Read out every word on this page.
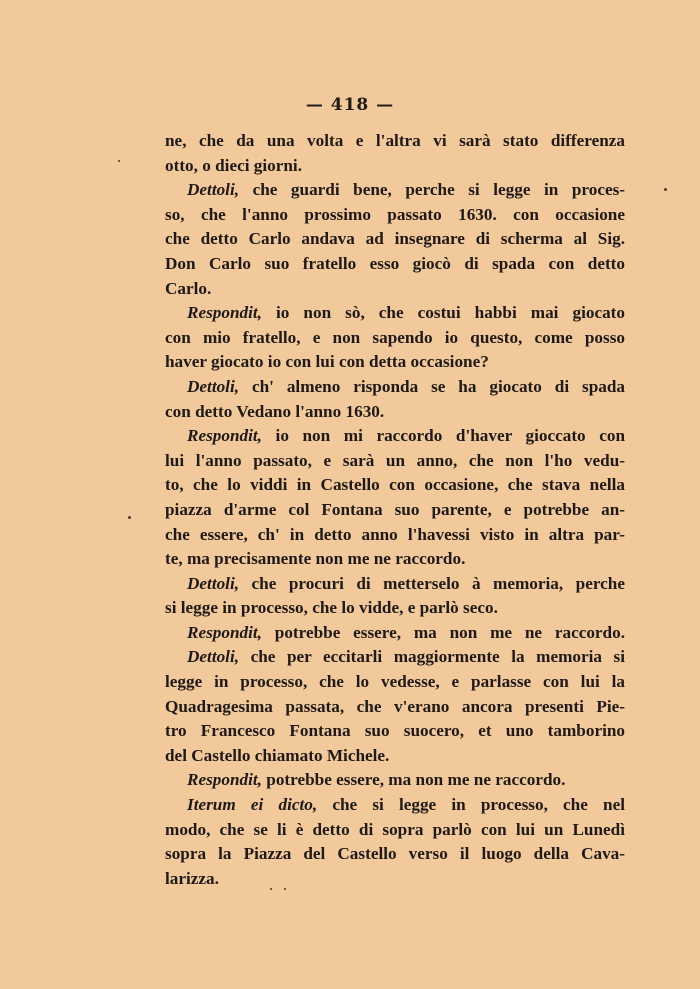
— 418 —
ne, che da una volta e l'altra vi sarà stato differenza
otto, o dieci giorni.
Dettoli, che guardi bene, perche si legge in proces-
so, che l'anno prossimo passato 1630. con occasione
che detto Carlo andava ad insegnare di scherma al Sig.
Don Carlo suo fratello esso giocò di spada con detto
Carlo.
Respondit, io non sò, che costui habbi mai giocato
con mio fratello, e non sapendo io questo, come posso
haver giocato io con lui con detta occasione?
Dettoli, ch' almeno risponda se ha giocato di spada
con detto Vedano l'anno 1630.
Respondit, io non mi raccordo d'haver gioccato con
lui l'anno passato, e sarà un anno, che non l'ho vedu-
to, che lo viddi in Castello con occasione, che stava nella
piazza d'arme col Fontana suo parente, e potrebbe an-
che essere, ch' in detto anno l'havessi visto in altra par-
te, ma precisamente non me ne raccordo.
Dettoli, che procuri di metterselo à memoria, perche
si legge in processo, che lo vidde, e parlò seco.
Respondit, potrebbe essere, ma non me ne raccordo.
Dettoli, che per eccitarli maggiormente la memoria si
legge in processo, che lo vedesse, e parlasse con lui la
Quadragesima passata, che v'erano ancora presenti Pie-
tro Francesco Fontana suo suocero, et uno tamborino
del Castello chiamato Michele.
Respondit, potrebbe essere, ma non me ne raccordo.
Iterum ei dicto, che si legge in processo, che nel
modo, che se li è detto di sopra parlò con lui un Lunedì
sopra la Piazza del Castello verso il luogo della Cava-
larizza.
